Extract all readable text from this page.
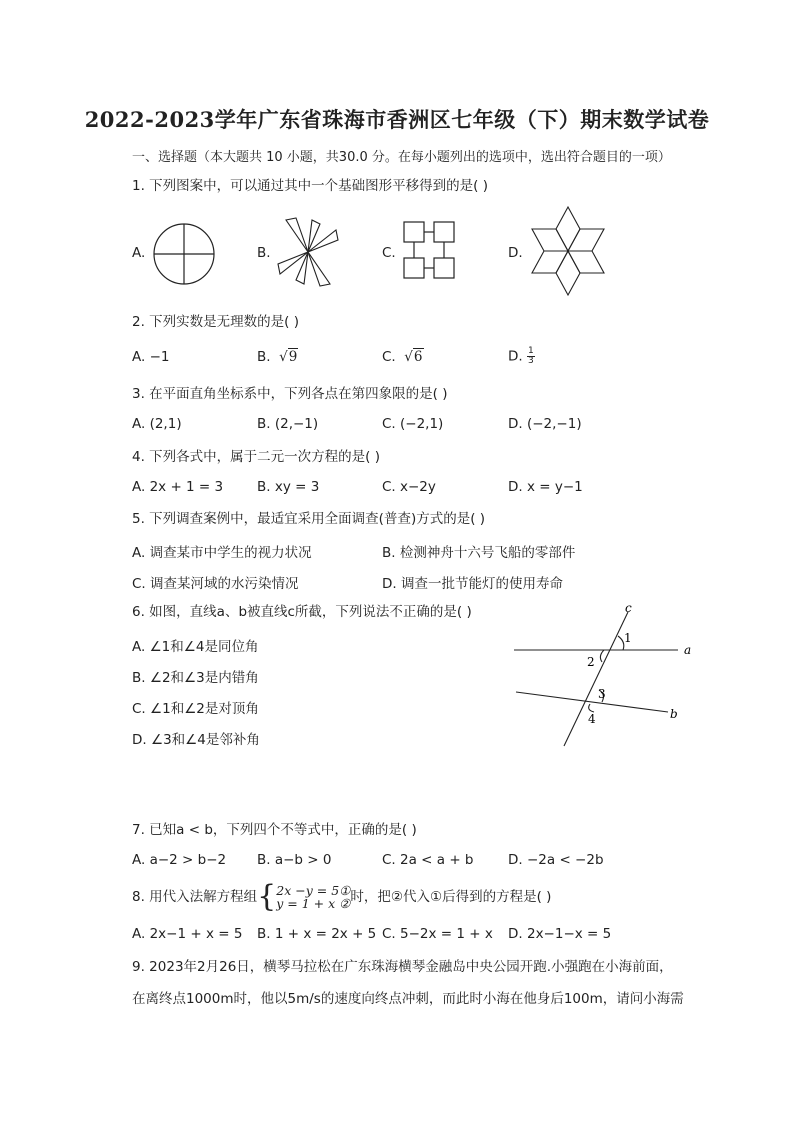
2022-2023学年广东省珠海市香洲区七年级（下）期末数学试卷
一、选择题（本大题共 10 小题，共30.0 分。在每小题列出的选项中，选出符合题目的一项）
1. 下列图案中，可以通过其中一个基础图形平移得到的是( )
A.	B.	C.	D.
2. 下列实数是无理数的是( )
A. −1	B.  √9	C.  √6	D. $\frac{1}{3}$
3. 在平面直角坐标系中，下列各点在第四象限的是( )
A. (2,1)	B. (2,−1)	C. (−2,1)	D. (−2,−1)
4. 下列各式中，属于二元一次方程的是( )
A. 2x + 1 = 3	B. xy = 3	C. x−2y	D. x = y−1
5. 下列调查案例中，最适宜采用全面调查(普查)方式的是( )
A. 调查某市中学生的视力状况	B. 检测神舟十六号飞船的零部件
C. 调查某河域的水污染情况	D. 调查一批节能灯的使用寿命
6. 如图，直线a、b被直线c所截，下列说法不正确的是( )
A. ∠1和∠4是同位角
B. ∠2和∠3是内错角
C. ∠1和∠2是对顶角
D. ∠3和∠4是邻补角
c
a
b
1
2
3
4
7. 已知a < b，下列四个不等式中，正确的是( )
A. a−2 > b−2 B. a−b > 0	C. 2a < a + b	D. −2a < −2b
8. 用代入法解方程组 { 2x −y = 5①
y = 1 + x ② 时，把②代入①后得到的方程是( )
A. 2x−1 + x = 5 B. 1 + x = 2x + 5 C. 5−2x = 1 + x D. 2x−1−x = 5
9. 2023年2月26日，横琴马拉松在广东珠海横琴金融岛中央公园开跑.小强跑在小海前面，
在离终点1000m时，他以5m/s的速度向终点冲刺，而此时小海在他身后100m，请问小海需
